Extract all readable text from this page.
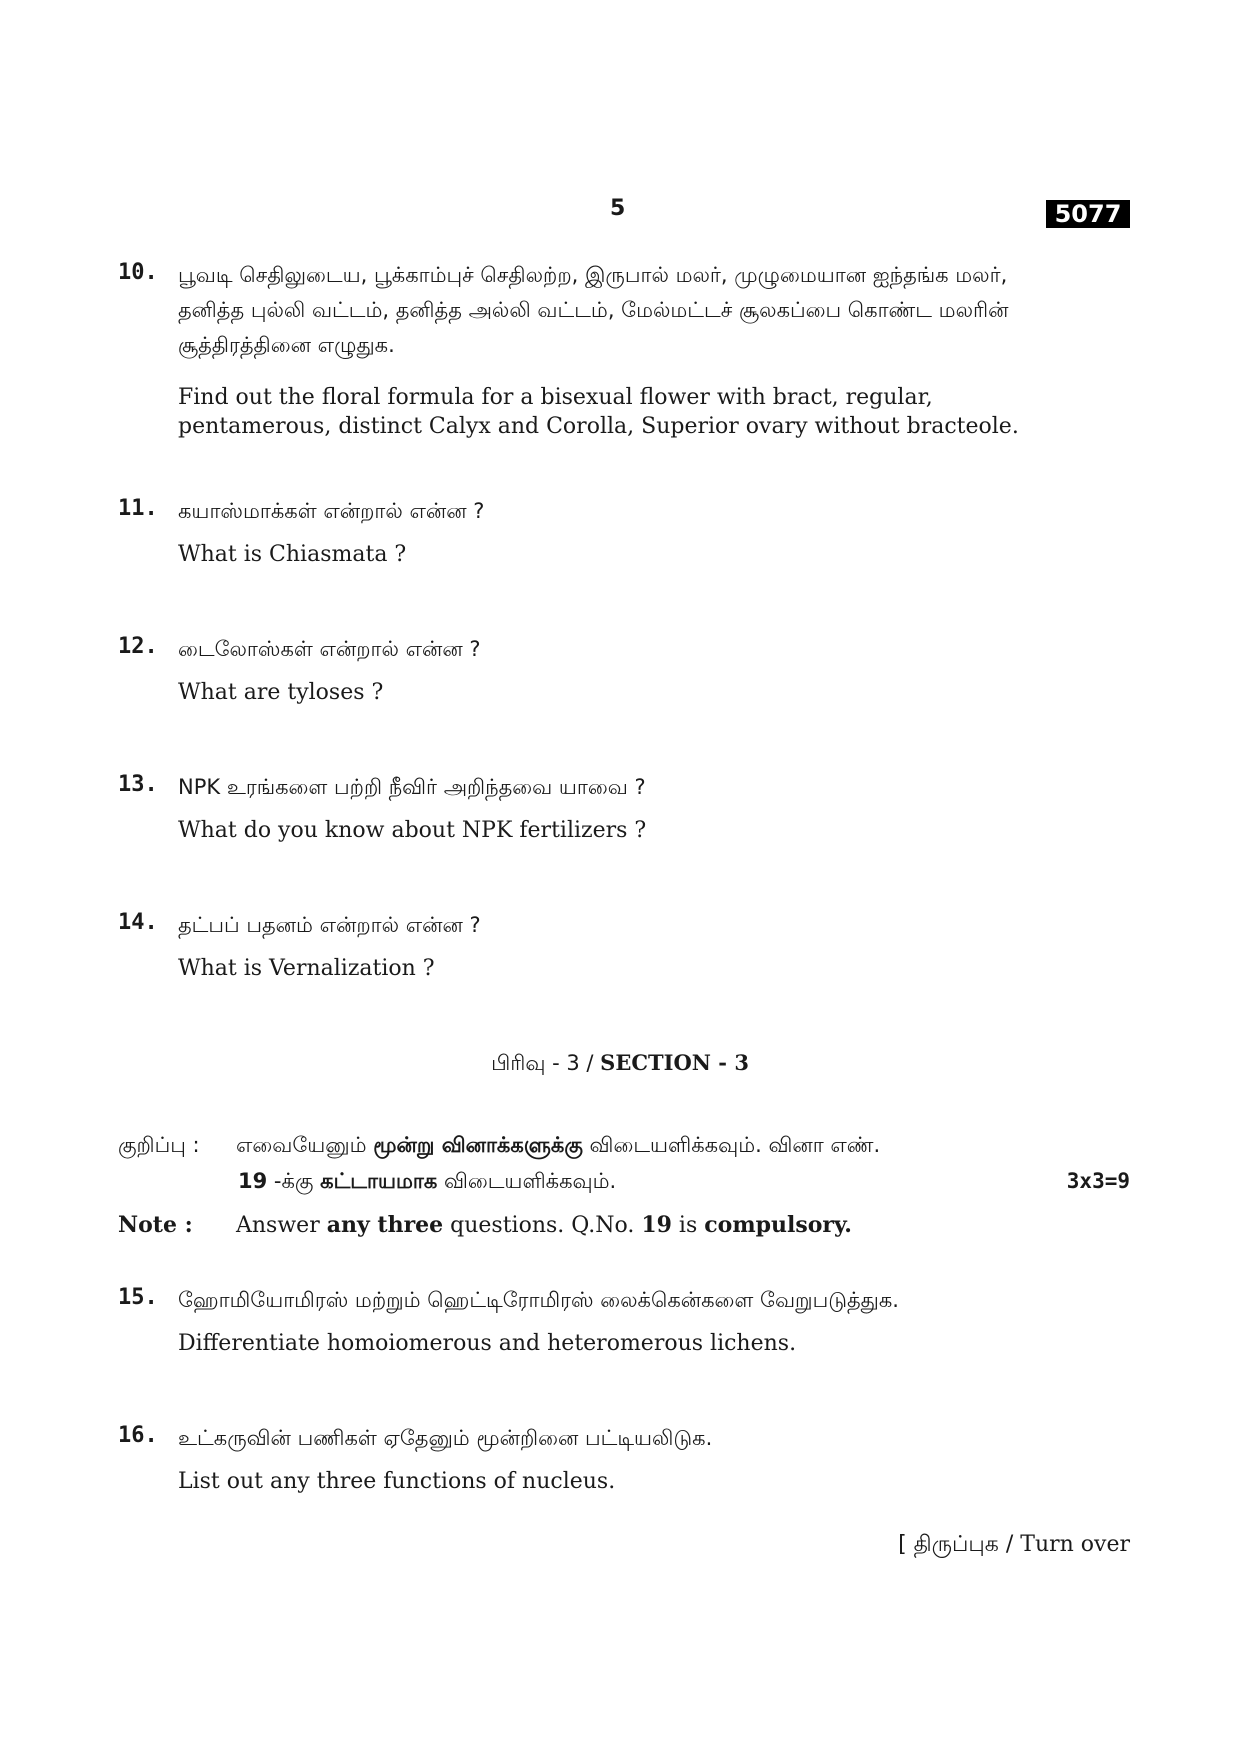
5	5077
10. பூவடி செதிலுடைய, பூக்காம்புச் செதிலற்ற, இருபால் மலர், முழுமையான ஐந்தங்க மலர், தனித்த புல்லி வட்டம், தனித்த அல்லி வட்டம், மேல்மட்டச் சூலகப்பை கொண்ட மலரின் சூத்திரத்தினை எழுதுக.

Find out the floral formula for a bisexual flower with bract, regular, pentamerous, distinct Calyx and Corolla, Superior ovary without bracteole.

11. கயாஸ்மாக்கள் என்றால் என்ன ?

What is Chiasmata ?

12. டைலோஸ்கள் என்றால் என்ன ?

What are tyloses ?

13. NPK உரங்களை பற்றி நீவிர் அறிந்தவை யாவை ?

What do you know about NPK fertilizers ?

14. தட்பப் பதனம் என்றால் என்ன ?

What is Vernalization ?

பிரிவு - 3 / SECTION - 3
குறிப்பு : எவையேனும் மூன்று வினாக்களுக்கு விடையளிக்கவும். வினா எண்.
19 -க்கு கட்டாயமாக விடையளிக்கவும்.	3x3=9
Note : Answer any three questions. Q.No. 19 is compulsory.
15. ஹோமியோமிரஸ் மற்றும் ஹெட்டிரோமிரஸ் லைக்கென்களை வேறுபடுத்துக.

Differentiate homoiomerous and heteromerous lichens.

16. உட்கருவின் பணிகள் ஏதேனும் மூன்றினை பட்டியலிடுக.

List out any three functions of nucleus.

[ திருப்புக / Turn over
